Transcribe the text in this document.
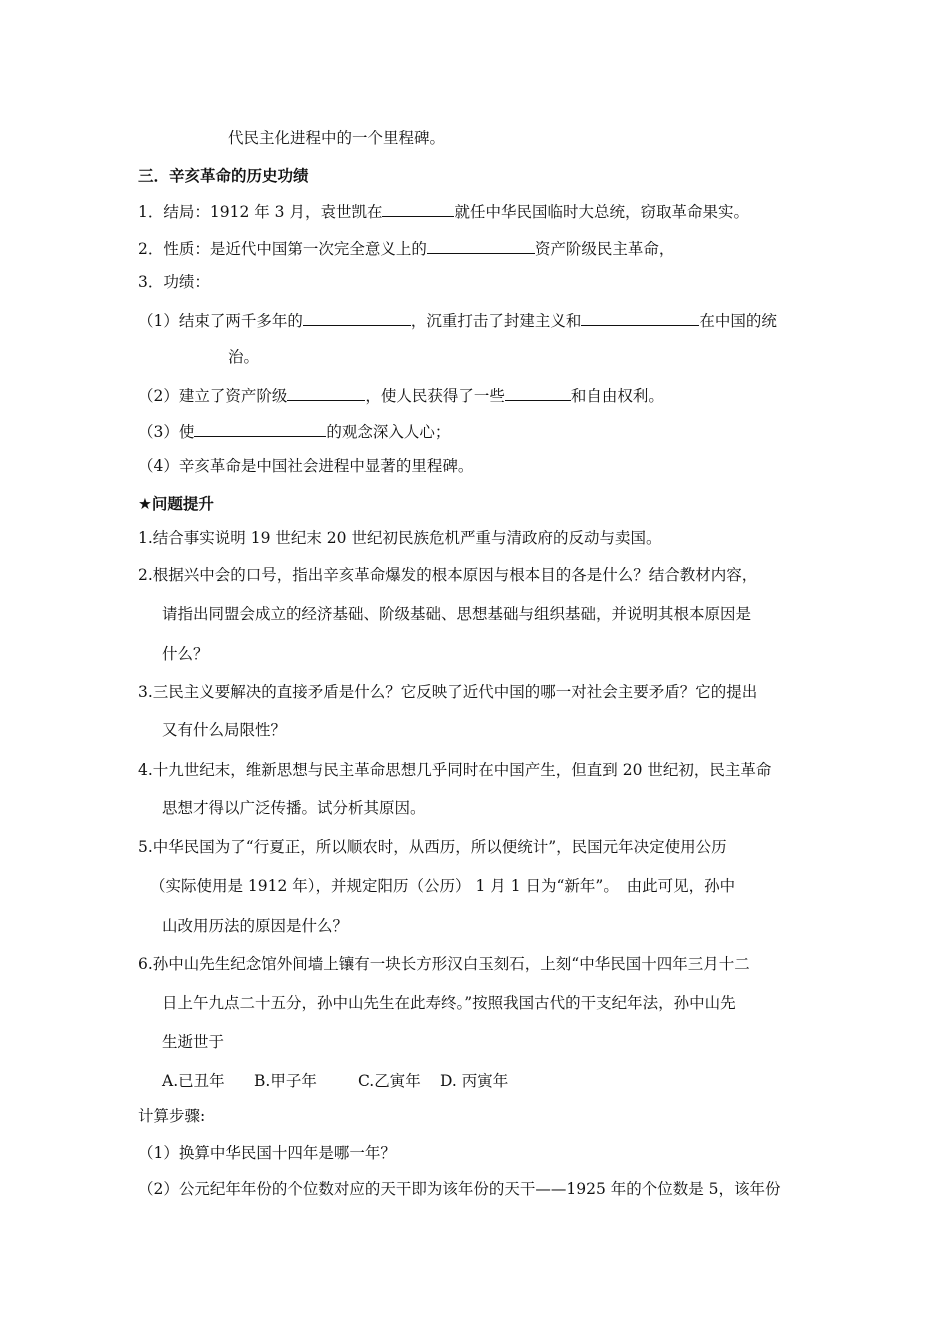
代民主化进程中的一个里程碑。
三．辛亥革命的历史功绩
1．结局：1912 年 3 月，袁世凯在	就任中华民国临时大总统，窃取革命果实。
2．性质：是近代中国第一次完全意义上的	资产阶级民主革命，
3．功绩：
（1）结束了两千多年的	，沉重打击了封建主义和	在中国的统
治。
（2）建立了资产阶级	，使人民获得了一些	和自由权利。
（3）使	的观念深入人心；
（4）辛亥革命是中国社会进程中显著的里程碑。
★问题提升
1.结合事实说明 19 世纪末 20 世纪初民族危机严重与清政府的反动与卖国。
2.根据兴中会的口号，指出辛亥革命爆发的根本原因与根本目的各是什么？结合教材内容，
请指出同盟会成立的经济基础、阶级基础、思想基础与组织基础，并说明其根本原因是
什么？
3.三民主义要解决的直接矛盾是什么？它反映了近代中国的哪一对社会主要矛盾？它的提出
又有什么局限性？
4.十九世纪末，维新思想与民主革命思想几乎同时在中国产生，但直到 20 世纪初，民主革命
思想才得以广泛传播。试分析其原因。
5.中华民国为了“行夏正，所以顺农时，从西历，所以便统计”，民国元年决定使用公历
（实际使用是 1912 年），并规定阳历（公历） 1 月 1 日为“新年”。　由此可见，孙中
山改用历法的原因是什么？
6.孙中山先生纪念馆外间墙上镶有一块长方形汉白玉刻石，上刻“中华民国十四年三月十二
日上午九点二十五分，孙中山先生在此寿终。”按照我国古代的干支纪年法，孙中山先
生逝世于
A.已丑年 B.甲子年	C.乙寅年 D. 丙寅年
计算步骤:
（1）换算中华民国十四年是哪一年？
（2）公元纪年年份的个位数对应的天干即为该年份的天干——1925 年的个位数是 5，该年份
